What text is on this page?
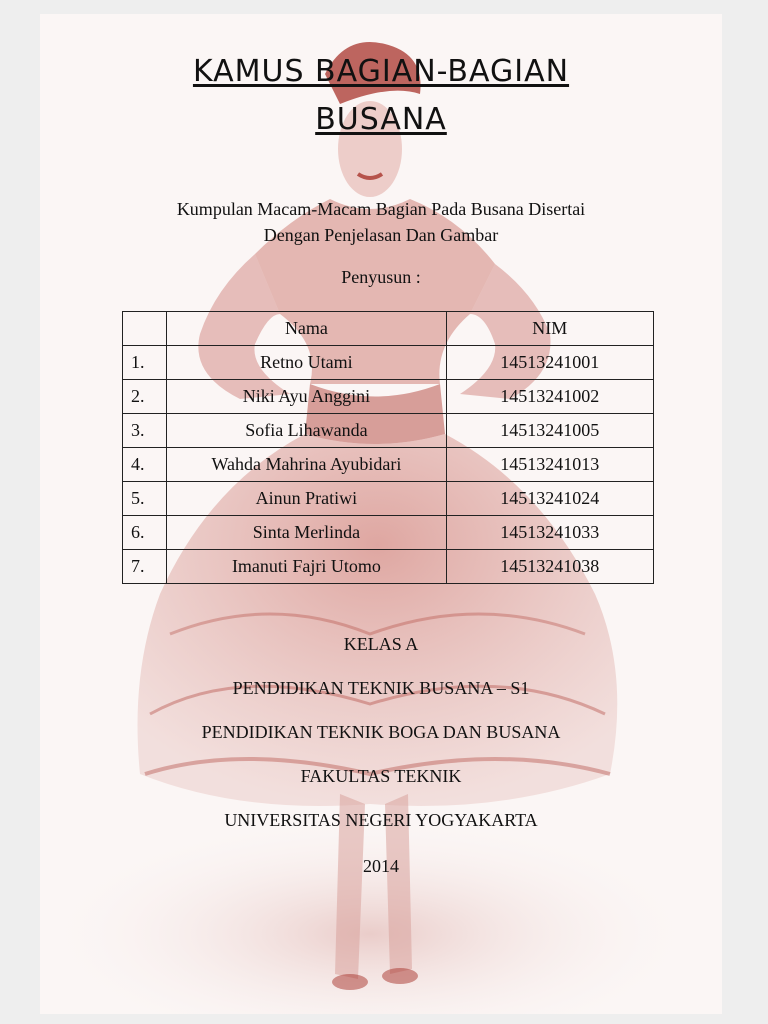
KAMUS BAGIAN-BAGIAN
BUSANA
Kumpulan Macam-Macam Bagian Pada Busana Disertai
Dengan Penjelasan Dan Gambar
Penyusun :
	Nama	NIM
1.	Retno Utami	14513241001
2.	Niki Ayu Anggini	14513241002
3.	Sofia Lihawanda	14513241005
4.	Wahda Mahrina Ayubidari	14513241013
5.	Ainun Pratiwi	14513241024
6.	Sinta Merlinda	14513241033
7.	Imanuti Fajri Utomo	14513241038
KELAS A
PENDIDIKAN TEKNIK BUSANA – S1
PENDIDIKAN TEKNIK BOGA DAN BUSANA
FAKULTAS TEKNIK
UNIVERSITAS NEGERI YOGYAKARTA
2014
